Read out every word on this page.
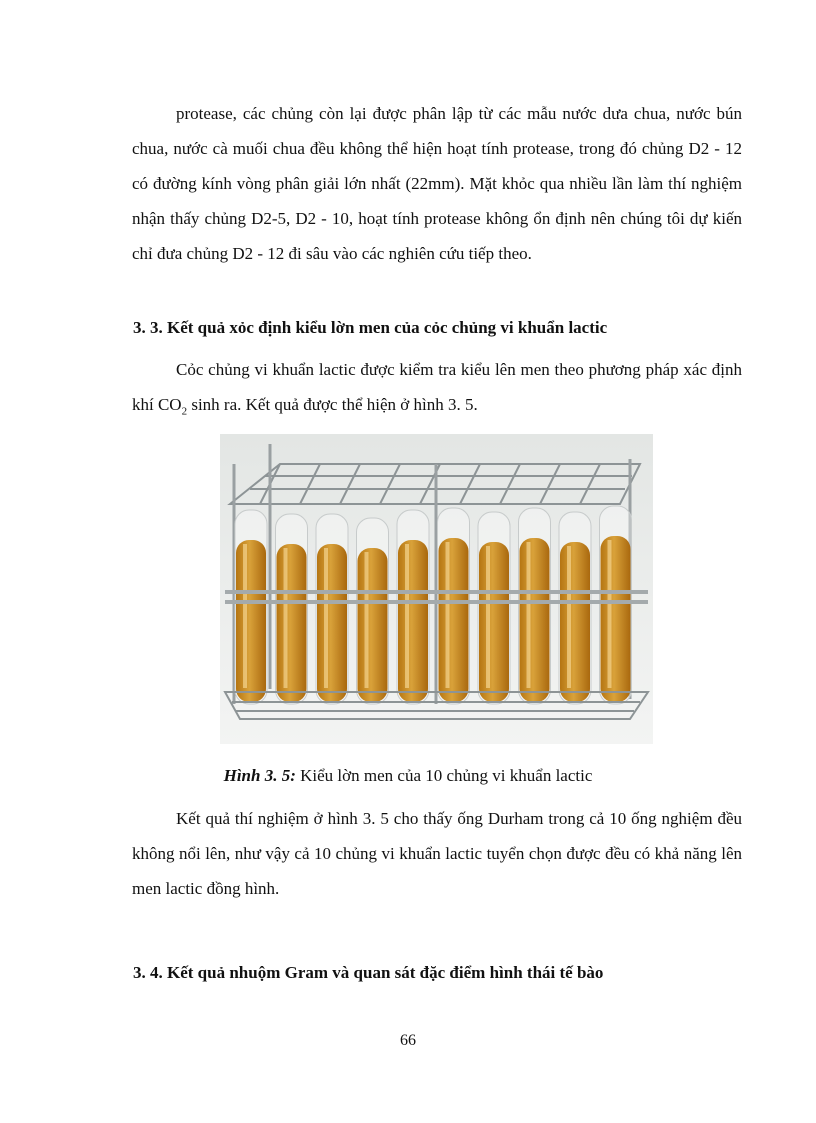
protease, các chủng còn lại được phân lập từ các mẫu nước dưa chua, nước bún chua, nước cà muối chua đều không thể hiện hoạt tính protease, trong đó chủng D2 - 12 có đường kính vòng phân giải lớn nhất (22mm). Mặt khỏc qua nhiều lần làm thí nghiệm nhận thấy chủng D2-5, D2 - 10, hoạt tính protease không ổn định nên chúng tôi dự kiến chỉ đưa chủng D2 - 12 đi sâu vào các nghiên cứu tiếp theo.

3. 3. Kết quả xỏc định kiểu lờn men của cỏc chủng vi khuẩn lactic

Cỏc chủng vi khuẩn lactic được kiểm tra kiểu lên men theo phương pháp xác định khí $CO_2$ sinh ra. Kết quả được thể hiện ở hình 3. 5.

Hình 3. 5: Kiểu lờn men của 10 chủng vi khuẩn lactic

Kết quả thí nghiệm ở hình 3. 5 cho thấy ống Durham trong cả 10 ống nghiệm đều không nổi lên, như vậy cả 10 chủng vi khuẩn lactic tuyển chọn được đều có khả năng lên men lactic đồng hình.

3. 4. Kết quả nhuộm Gram và quan sát đặc điểm hình thái tế bào
66
